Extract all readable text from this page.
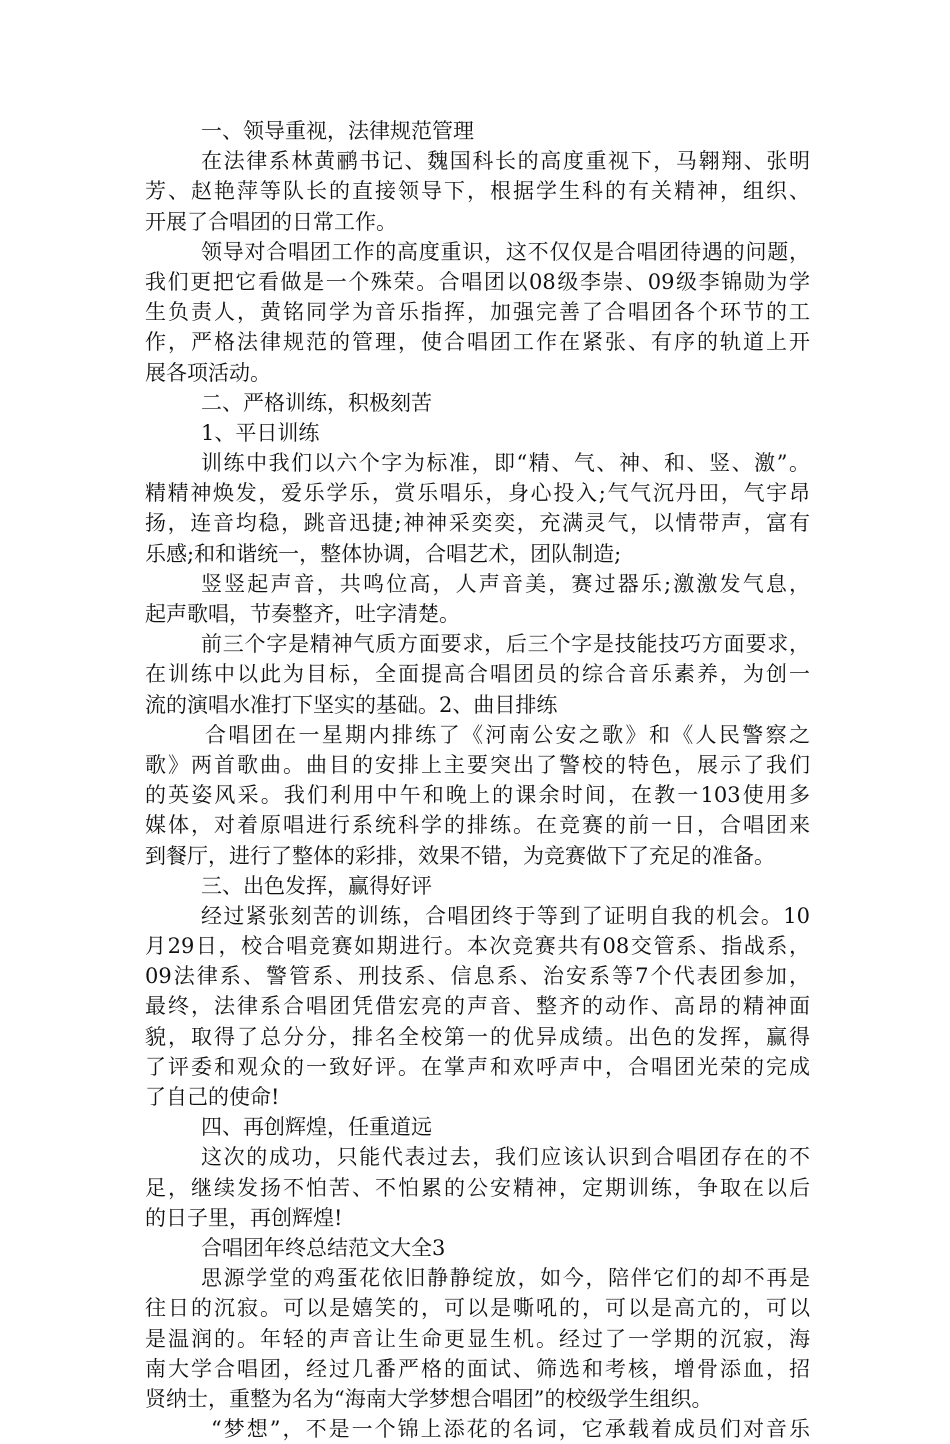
一、领导重视，法律规范管理
在法律系林黄鹂书记、魏国科长的高度重视下，马翱翔、张明
芳、赵艳萍等队长的直接领导下，根据学生科的有关精神，组织、
开展了合唱团的日常工作。
领导对合唱团工作的高度重识，这不仅仅是合唱团待遇的问题，
我们更把它看做是一个殊荣。合唱团以08级李崇、09级李锦勋为学
生负责人，黄铭同学为音乐指挥，加强完善了合唱团各个环节的工
作，严格法律规范的管理，使合唱团工作在紧张、有序的轨道上开
展各项活动。
二、严格训练，积极刻苦
1、平日训练
训练中我们以六个字为标准，即“精、气、神、和、竖、激”。
精精神焕发，爱乐学乐，赏乐唱乐，身心投入;气气沉丹田，气宇昂
扬，连音均稳，跳音迅捷;神神采奕奕，充满灵气，以情带声，富有
乐感;和和谐统一，整体协调，合唱艺术，团队制造;
竖竖起声音，共鸣位高，人声音美，赛过器乐;激激发气息，
起声歌唱，节奏整齐，吐字清楚。
前三个字是精神气质方面要求，后三个字是技能技巧方面要求，
在训练中以此为目标，全面提高合唱团员的综合音乐素养，为创一
流的演唱水准打下坚实的基础。2、曲目排练
合唱团在一星期内排练了《河南公安之歌》和《人民警察之
歌》两首歌曲。曲目的安排上主要突出了警校的特色，展示了我们
的英姿风采。我们利用中午和晚上的课余时间，在教一103使用多
媒体，对着原唱进行系统科学的排练。在竞赛的前一日，合唱团来
到餐厅，进行了整体的彩排，效果不错，为竞赛做下了充足的准备。
三、出色发挥，赢得好评
经过紧张刻苦的训练，合唱团终于等到了证明自我的机会。10
月29日，校合唱竞赛如期进行。本次竞赛共有08交管系、指战系，
09法律系、警管系、刑技系、信息系、治安系等7个代表团参加，
最终，法律系合唱团凭借宏亮的声音、整齐的动作、高昂的精神面
貌，取得了总分分，排名全校第一的优异成绩。出色的发挥，赢得
了评委和观众的一致好评。在掌声和欢呼声中，合唱团光荣的完成
了自己的使命!
四、再创辉煌，任重道远
这次的成功，只能代表过去，我们应该认识到合唱团存在的不
足，继续发扬不怕苦、不怕累的公安精神，定期训练，争取在以后
的日子里，再创辉煌!
合唱团年终总结范文大全3
思源学堂的鸡蛋花依旧静静绽放，如今，陪伴它们的却不再是
往日的沉寂。可以是嬉笑的，可以是嘶吼的，可以是高亢的，可以
是温润的。年轻的声音让生命更显生机。经过了一学期的沉寂，海
南大学合唱团，经过几番严格的面试、筛选和考核，增骨添血，招
贤纳士，重整为名为“海南大学梦想合唱团”的校级学生组织。
“梦想”，不是一个锦上添花的名词，它承载着成员们对音乐
